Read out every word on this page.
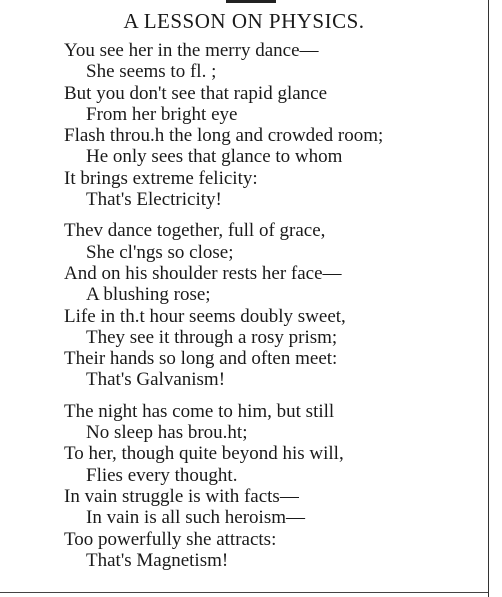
A LESSON ON PHYSICS.
You see her in the merry dance—
She seems to fl. ;
But you don't see that rapid glance
From her bright eye
Flash throu.h the long and crowded room;
He only sees that glance to whom
It brings extreme felicity:
That's Electricity!
Thev dance together, full of grace,
She cl'ngs so close;
And on his shoulder rests her face—
A blushing rose;
Life in th.t hour seems doubly sweet,
They see it through a rosy prism;
Their hands so long and often meet:
That's Galvanism!
The night has come to him, but still
No sleep has brou.ht;
To her, though quite beyond his will,
Flies every thought.
In vain struggle is with facts—
In vain is all such heroism—
Too powerfully she attracts:
That's Magnetism!
